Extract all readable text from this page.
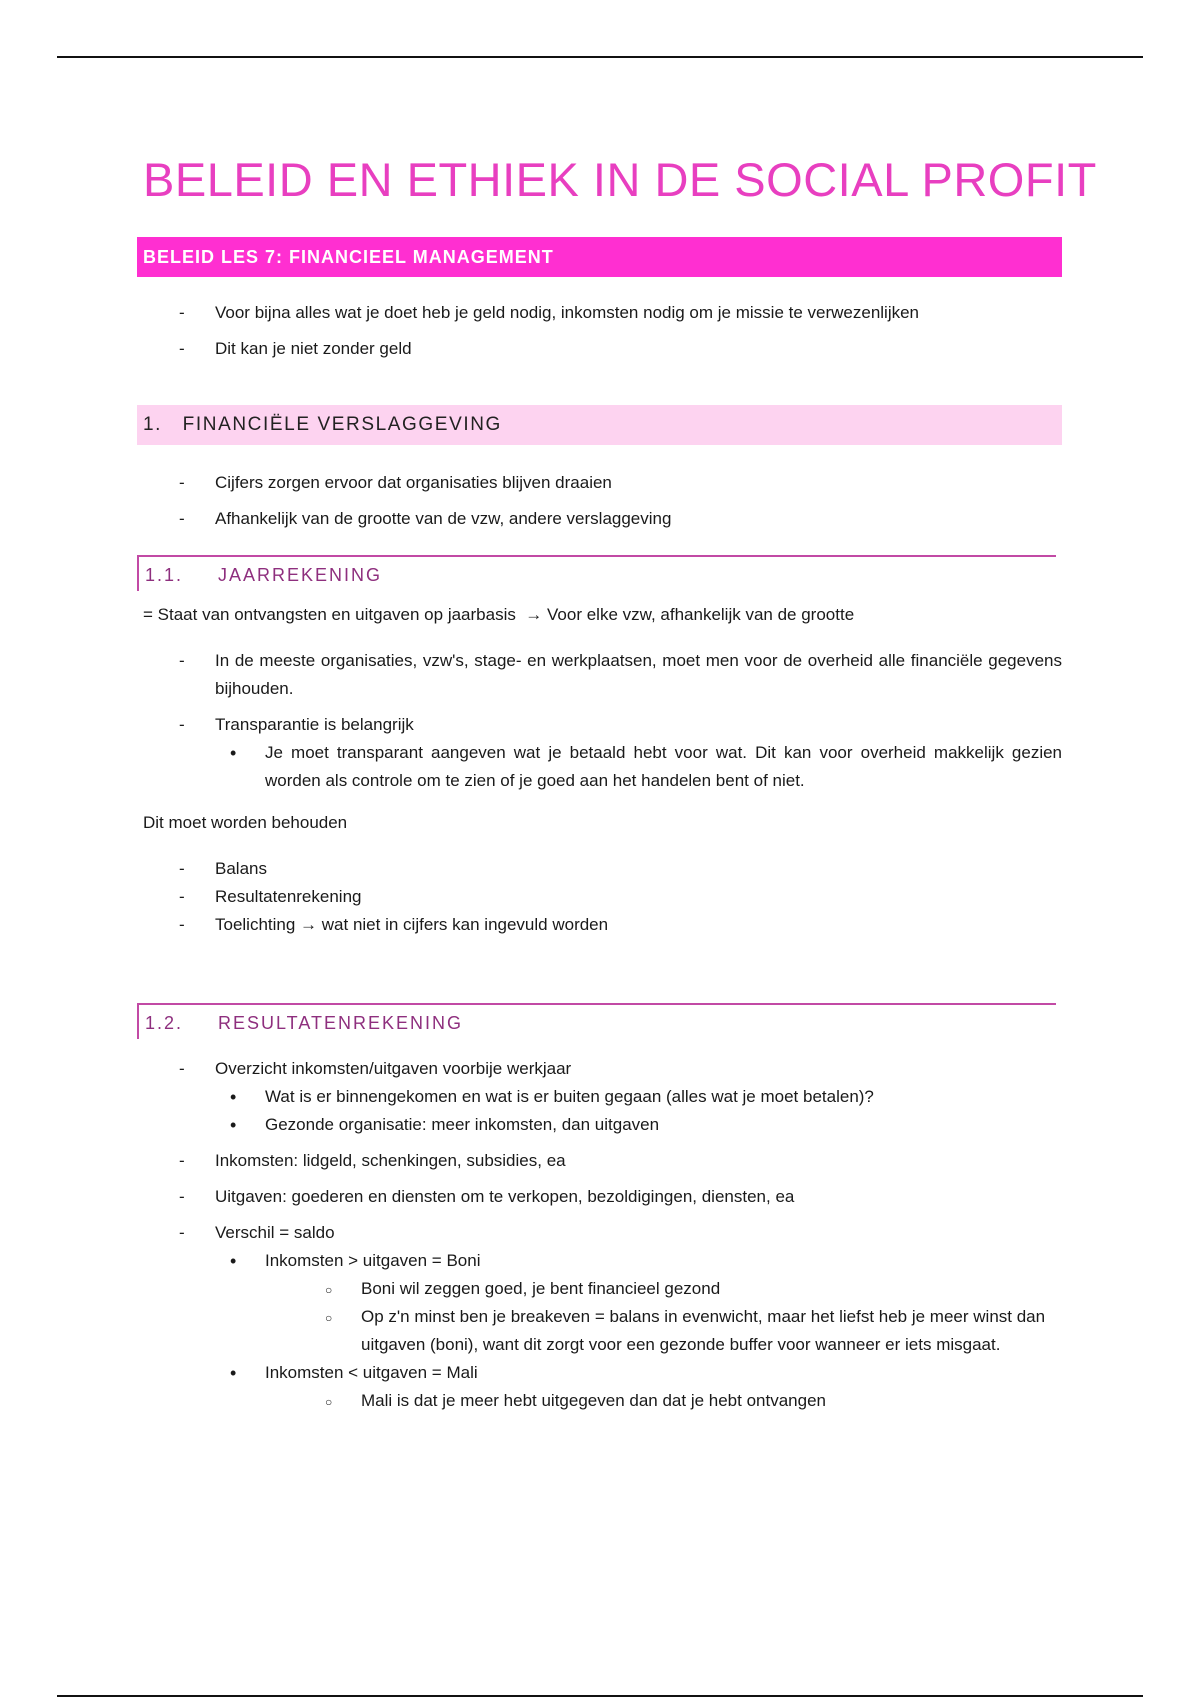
BELEID EN ETHIEK IN DE SOCIAL PROFIT
BELEID LES 7: FINANCIEEL MANAGEMENT
- Voor bijna alles wat je doet heb je geld nodig, inkomsten nodig om je missie te verwezenlijken
- Dit kan je niet zonder geld
1.   FINANCIËLE VERSLAGGEVING
- Cijfers zorgen ervoor dat organisaties blijven draaien
- Afhankelijk van de grootte van de vzw, andere verslaggeving
1.1.	JAARREKENING
= Staat van ontvangsten en uitgaven op jaarbasis  → Voor elke vzw, afhankelijk van de grootte
- In de meeste organisaties, vzw's, stage- en werkplaatsen, moet men voor de overheid alle financiële gegevens bijhouden.
- Transparantie is belangrijk
• Je moet transparant aangeven wat je betaald hebt voor wat. Dit kan voor overheid makkelijk gezien worden als controle om te zien of je goed aan het handelen bent of niet.
Dit moet worden behouden
- Balans
- Resultatenrekening
- Toelichting → wat niet in cijfers kan ingevuld worden
1.2.	RESULTATENREKENING
- Overzicht inkomsten/uitgaven voorbije werkjaar
• Wat is er binnengekomen en wat is er buiten gegaan (alles wat je moet betalen)?
• Gezonde organisatie: meer inkomsten, dan uitgaven
- Inkomsten: lidgeld, schenkingen, subsidies, ea
- Uitgaven: goederen en diensten om te verkopen, bezoldigingen, diensten, ea
- Verschil = saldo
• Inkomsten > uitgaven = Boni
○ Boni wil zeggen goed, je bent financieel gezond
○ Op z'n minst ben je breakeven = balans in evenwicht, maar het liefst heb je meer winst dan uitgaven (boni), want dit zorgt voor een gezonde buffer voor wanneer er iets misgaat.
• Inkomsten < uitgaven = Mali
○ Mali is dat je meer hebt uitgegeven dan dat je hebt ontvangen
